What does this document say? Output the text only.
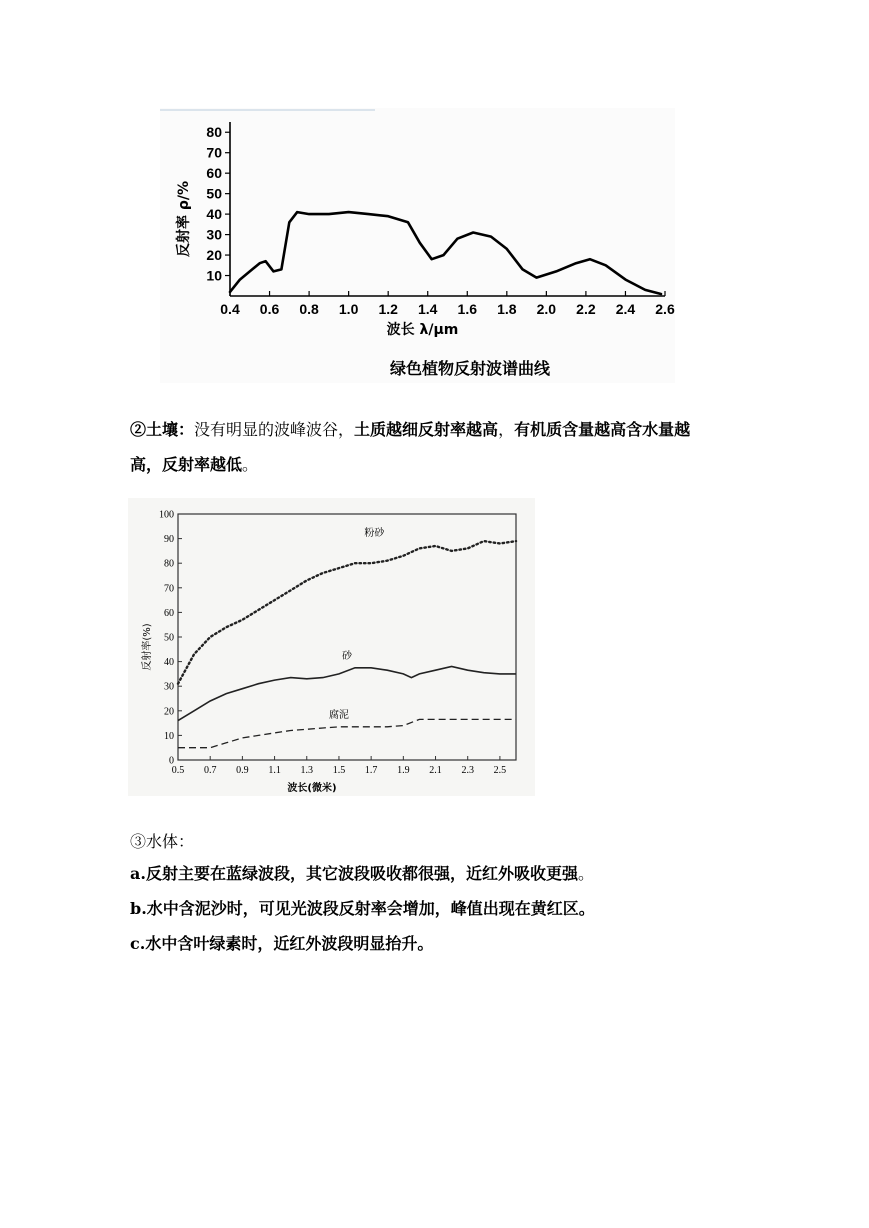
10
20
30
40
50
60
70
80
0.4 0.6 0.8 1.0 1.2 1.4 1.6 1.8 2.0 2.2 2.4 2.6
反射率 ρ/%
波长 λ/μm
绿色植物反射波谱曲线
②土壤：没有明显的波峰波谷，土质越细反射率越高，有机质含量越高含水量越
高，反射率越低。
0
10
20
30
40
50
60
70
80
90
100
0.5 0.7 0.9 1.1 1.3 1.5 1.7 1.9 2.1 2.3 2.5
反射率(%)
波长(微米)
粉砂
砂
腐泥
③水体：
a.反射主要在蓝绿波段，其它波段吸收都很强，近红外吸收更强。
b.水中含泥沙时，可见光波段反射率会增加，峰值出现在黄红区。
c.水中含叶绿素时，近红外波段明显抬升。
